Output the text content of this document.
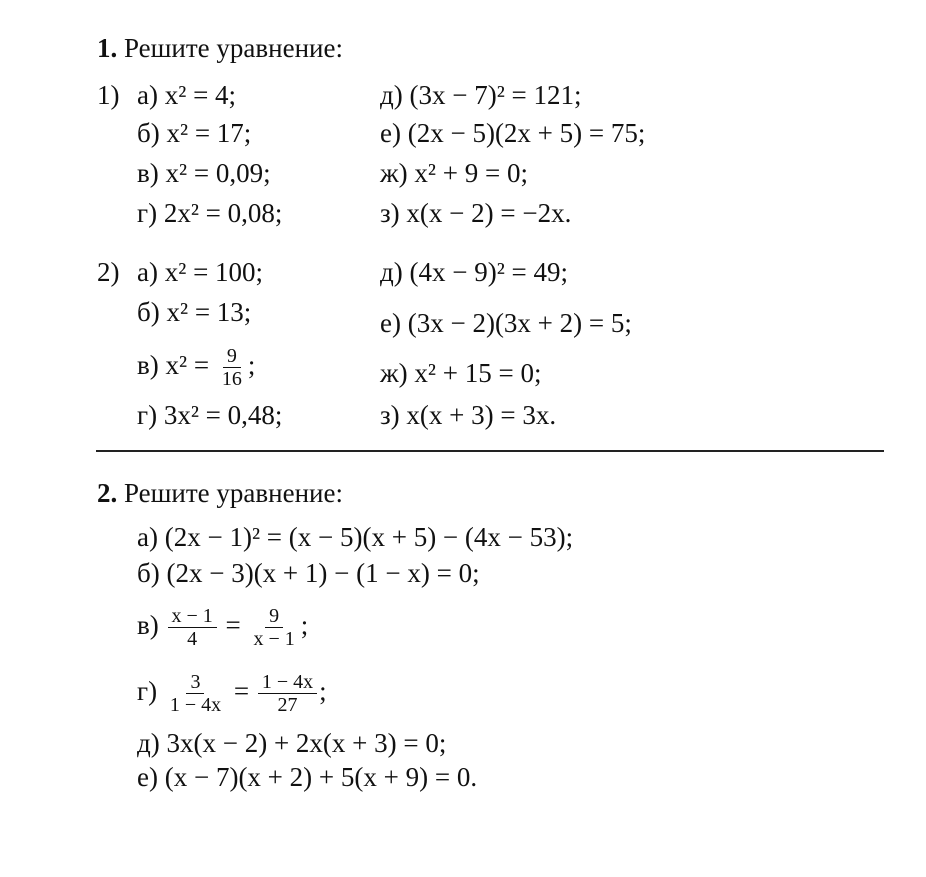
1. Решите уравнение:
1) а) x² = 4;
б) x² = 17;
в) x² = 0,09;
г) 2x² = 0,08;
д) (3x − 7)² = 121;
е) (2x − 5)(2x + 5) = 75;
ж) x² + 9 = 0;
з) x(x − 2) = −2x.
2) а) x² = 100;
б) x² = 13;
в) $x^2 = \frac{9}{16}$ ;
г) 3x² = 0,48;
д) (4x − 9)² = 49;
е) (3x − 2)(3x + 2) = 5;
ж) x² + 15 = 0;
з) x(x + 3) = 3x.
2. Решите уравнение:
а) (2x − 1)² = (x − 5)(x + 5) − (4x − 53);
б) (2x − 3)(x + 1) − (1 − x) = 0;
$в) \frac{x - 1}{4} = \frac{9}{x - 1}$ ;
$г) \frac{3}{1 - 4x} = \frac{1 - 4x}{27}$ ;
д) 3x(x − 2) + 2x(x + 3) = 0;
е) (x − 7)(x + 2) + 5(x + 9) = 0.
